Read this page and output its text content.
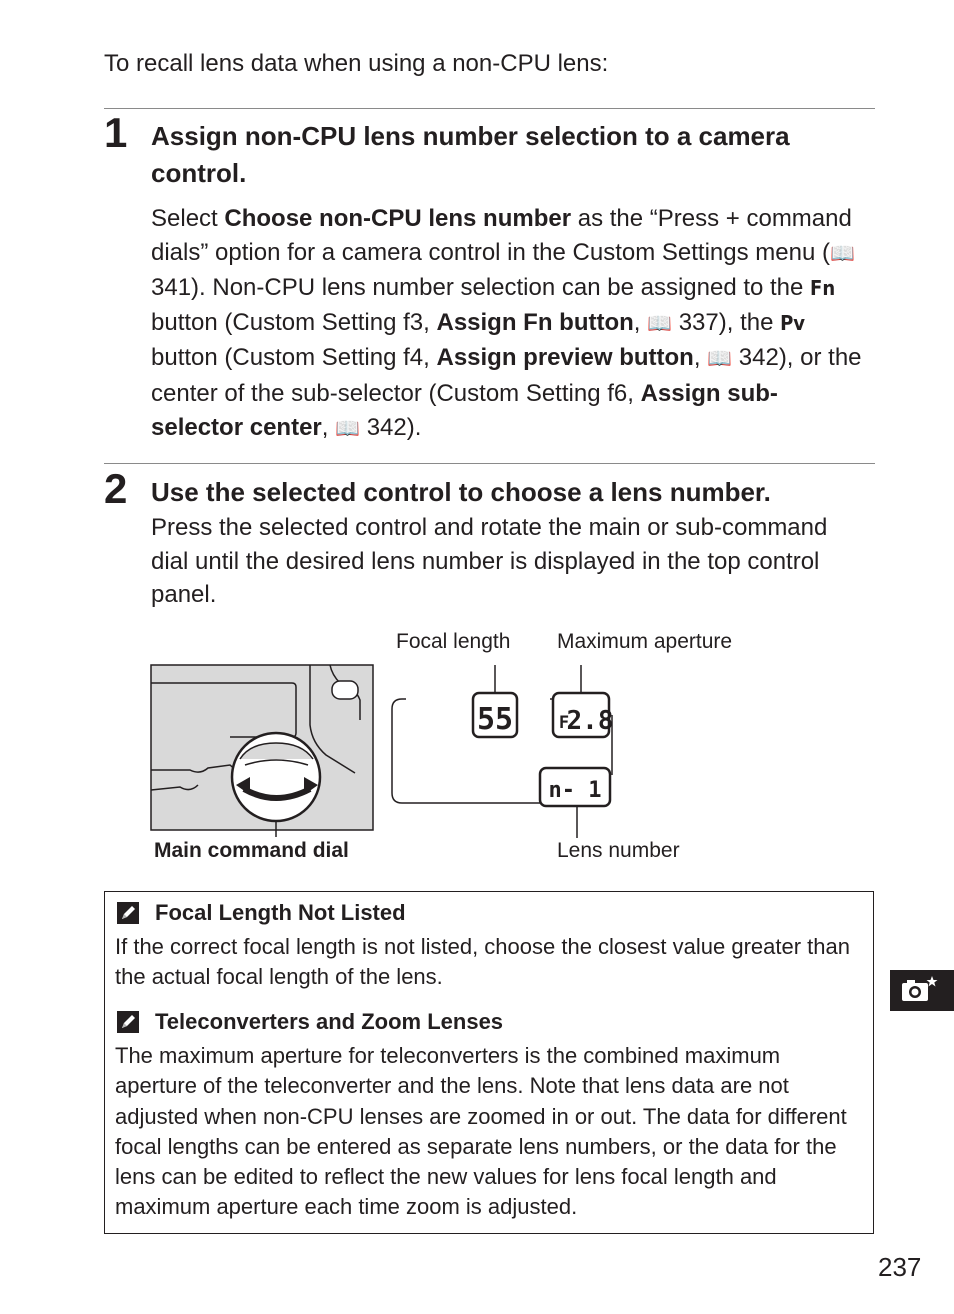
To recall lens data when using a non-CPU lens:
1 Assign non-CPU lens number selection to a camera control.
Select Choose non-CPU lens number as the “Press + command dials” option for a camera control in the Custom Settings menu (📖 341). Non-CPU lens number selection can be assigned to the Fn button (Custom Setting f3, Assign Fn button, 📖 337), the Pv button (Custom Setting f4, Assign preview button, 📖 342), or the center of the sub-selector (Custom Setting f6, Assign sub-selector center, 📖 342).
2 Use the selected control to choose a lens number.
Press the selected control and rotate the main or sub-command dial until the desired lens number is displayed in the top control panel.
55	F
2.8
n- 1
Focal length Maximum aperture
Main command dial	Lens number
Focal Length Not Listed
If the correct focal length is not listed, choose the closest value greater than the actual focal length of the lens.
Teleconverters and Zoom Lenses
The maximum aperture for teleconverters is the combined maximum aperture of the teleconverter and the lens. Note that lens data are not adjusted when non-CPU lenses are zoomed in or out. The data for different focal lengths can be entered as separate lens numbers, or the data for the lens can be edited to reflect the new values for lens focal length and maximum aperture each time zoom is adjusted.
237
